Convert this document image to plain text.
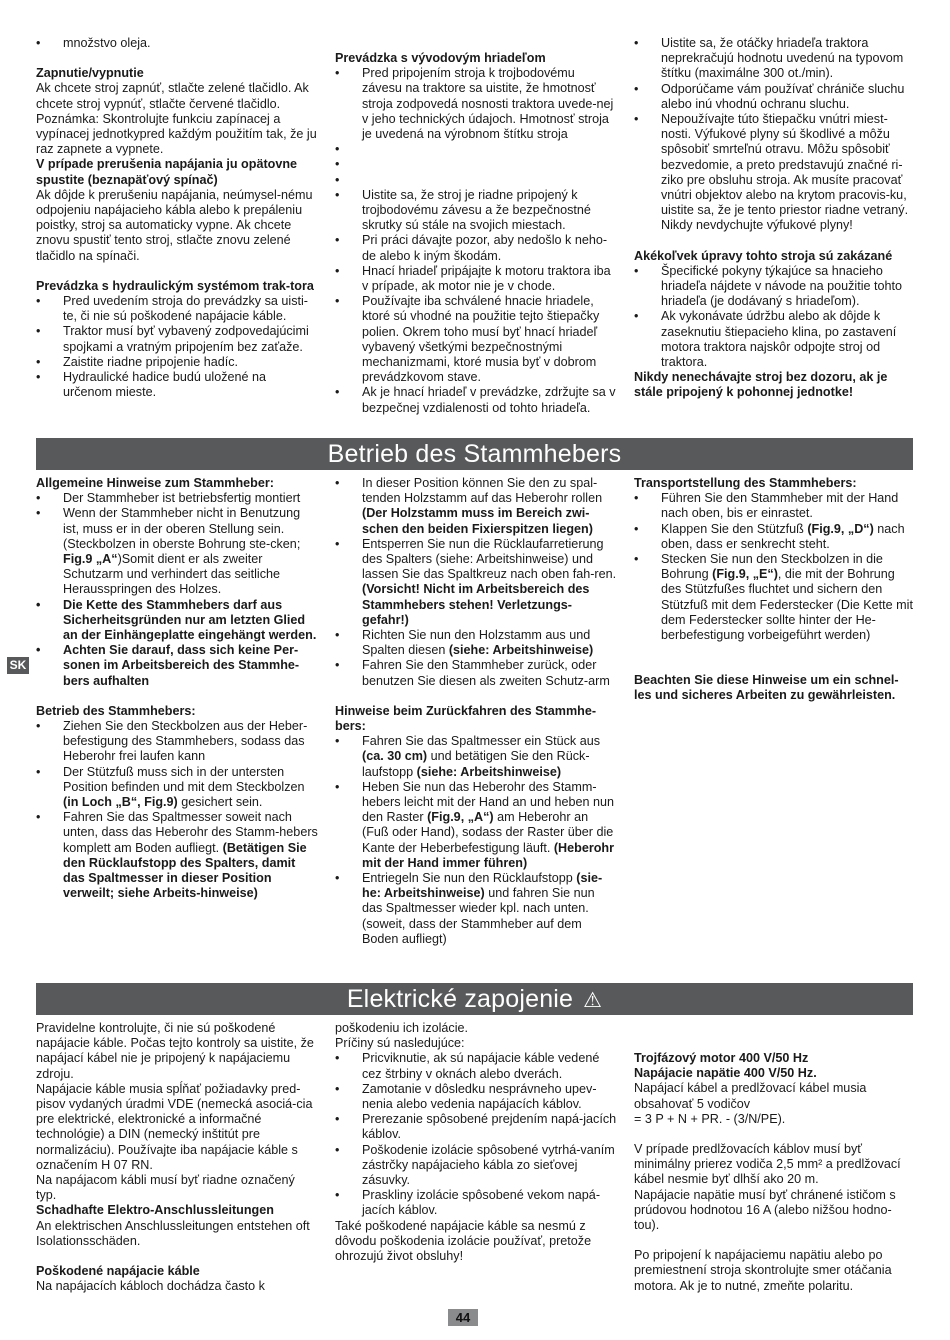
• množstvo oleja.

Zapnutie/vypnutie

Ak chcete stroj zapnúť, stlačte zelené tlačidlo. Ak chcete stroj vypnúť, stlačte červené tlačidlo. Poznámka: Skontrolujte funkciu zapínacej a vypínacej jednotkypred každým použitím tak, že ju raz zapnete a vypnete.

V prípade prerušenia napájania ju opätovne spustite (beznapäťový spínač)

Ak dôjde k prerušeniu napájania, neúmysel-nému odpojeniu napájacieho kábla alebo k prepáleniu poistky, stroj sa automaticky vypne. Ak chcete znovu spustiť tento stroj, stlačte znovu zelené tlačidlo na spínači.

Prevádzka s hydraulickým systémom trak-tora

• Pred uvedením stroja do prevádzky sa uisti-te, či nie sú poškodené napájacie káble.
• Traktor musí byť vybavený zodpovedajúcimi spojkami a vratným pripojením bez zaťaže.
• Zaistite riadne pripojenie hadíc.
• Hydraulické hadice budú uložené na určenom mieste.

Prevádzka s vývodovým hriadeľom

• Pred pripojením stroja k trojbodovému závesu na traktore sa uistite, že hmotnosť stroja zodpovedá nosnosti traktora uvede-nej v jeho technických údajoch. Hmotnosť stroja je uvedená na výrobnom štítku stroja
•
•
•
• Uistite sa, že stroj je riadne pripojený k trojbodovému závesu a že bezpečnostné skrutky sú stále na svojich miestach.
• Pri práci dávajte pozor, aby nedošlo k neho-de alebo k iným škodám.
• Hnací hriadeľ pripájajte k motoru traktora iba v prípade, ak motor nie je v chode.
• Používajte iba schválené hnacie hriadele, ktoré sú vhodné na použitie tejto štiepačky polien. Okrem toho musí byť hnací hriadeľ vybavený všetkými bezpečnostnými mechanizmami, ktoré musia byť v dobrom prevádzkovom stave.
• Ak je hnací hriadeľ v prevádzke, zdržujte sa v bezpečnej vzdialenosti od tohto hriadeľa.
• Uistite sa, že otáčky hriadeľa traktora neprekračujú hodnotu uvedenú na typovom štítku (maximálne 300 ot./min).
• Odporúčame vám používať chrániče sluchu alebo inú vhodnú ochranu sluchu.
• Nepoužívajte túto štiepačku vnútri miest-nosti. Výfukové plyny sú škodlivé a môžu spôsobiť smrteľnú otravu. Môžu spôsobiť bezvedomie, a preto predstavujú značné ri-ziko pre obsluhu stroja. Ak musíte pracovať vnútri objektov alebo na krytom pracovis-ku, uistite sa, že je tento priestor riadne vetraný. Nikdy nevdychujte výfukové plyny!

Akékoľvek úpravy tohto stroja sú zakázané

• Špecifické pokyny týkajúce sa hnacieho hriadeľa nájdete v návode na použitie tohto hriadeľa (je dodávaný s hriadeľom).
• Ak vykonávate údržbu alebo ak dôjde k zaseknutiu štiepacieho klina, po zastavení motora traktora najskôr odpojte stroj od traktora.

Nikdy nenechávajte stroj bez dozoru, ak je stále pripojený k pohonnej jednotke!

Betrieb des Stammhebers

Allgemeine Hinweise zum Stammheber:

• Der Stammheber ist betriebsfertig montiert
• Wenn der Stammheber nicht in Benutzung ist, muss er in der oberen Stellung sein. (Steckbolzen in oberste Bohrung ste-cken; Fig.9 „A“)Somit dient er als zweiter Schutzarm und verhindert das seitliche Herausspringen des Holzes.
• Die Kette des Stammhebers darf aus Sicherheitsgründen nur am letzten Glied an der Einhängeplatte eingehängt werden.
• Achten Sie darauf, dass sich keine Per-sonen im Arbeitsbereich des Stammhe-bers aufhalten

Betrieb des Stammhebers:

• Ziehen Sie den Steckbolzen aus der Heber-befestigung des Stammhebers, sodass das Heberohr frei laufen kann
• Der Stützfuß muss sich in der untersten Position befinden und mit dem Steckbolzen (in Loch „B“, Fig.9) gesichert sein.
• Fahren Sie das Spaltmesser soweit nach unten, dass das Heberohr des Stamm-hebers komplett am Boden aufliegt. (Betätigen Sie den Rücklaufstopp des Spalters, damit das Spaltmesser in dieser Position verweilt; siehe Arbeits-hinweise)
• In dieser Position können Sie den zu spal-tenden Holzstamm auf das Heberohr rollen (Der Holzstamm muss im Bereich zwi-schen den beiden Fixierspitzen liegen)
• Entsperren Sie nun die Rücklaufarretierung des Spalters (siehe: Arbeitshinweise) und lassen Sie das Spaltkreuz nach oben fah-ren. (Vorsicht! Nicht im Arbeitsbereich des Stammhebers stehen! Verletzungs-gefahr!)
• Richten Sie nun den Holzstamm aus und Spalten diesen (siehe: Arbeitshinweise)
• Fahren Sie den Stammheber zurück, oder benutzen Sie diesen als zweiten Schutz-arm

Hinweise beim Zurückfahren des Stammhe-bers:

• Fahren Sie das Spaltmesser ein Stück aus (ca. 30 cm) und betätigen Sie den Rück-laufstopp (siehe: Arbeitshinweise)
• Heben Sie nun das Heberohr des Stamm-hebers leicht mit der Hand an und heben nun den Raster (Fig.9, „A“) am Heberohr an (Fuß oder Hand), sodass der Raster über die Kante der Heberbefestigung läuft. (Heberohr mit der Hand immer führen)
• Entriegeln Sie nun den Rücklaufstopp (sie-he: Arbeitshinweise) und fahren Sie nun das Spaltmesser wieder kpl. nach unten. (soweit, dass der Stammheber auf dem Boden aufliegt)

Transportstellung des Stammhebers:

• Führen Sie den Stammheber mit der Hand nach oben, bis er einrastet.
• Klappen Sie den Stützfuß (Fig.9, „D“) nach oben, dass er senkrecht steht.
• Stecken Sie nun den Steckbolzen in die Bohrung (Fig.9, „E“), die mit der Bohrung des Stützfußes fluchtet und sichern den Stützfuß mit dem Federstecker (Die Kette mit dem Federstecker sollte hinter der He-berbefestigung vorbeigeführt werden)

Beachten Sie diese Hinweise um ein schnel-les und sicheres Arbeiten zu gewährleisten.

Elektrické zapojenie ⚠

Pravidelne kontrolujte, či nie sú poškodené napájacie káble. Počas tejto kontroly sa uistite, že napájací kábel nie je pripojený k napájaciemu zdroju.

Napájacie káble musia spĺňať požiadavky pred-pisov vydaných úradmi VDE (nemecká asociá-cia pre elektrické, elektronické a informačné technológie) a DIN (nemecký inštitút pre normalizáciu). Používajte iba napájacie káble s označením H 07 RN.

Na napájacom kábli musí byť riadne označený typ.

Schadhafte Elektro-Anschlussleitungen

An elektrischen Anschlussleitungen entstehen oft Isolationsschäden.

Poškodené napájacie káble

Na napájacích kábloch dochádza často k

poškodeniu ich izolácie.

Príčiny sú nasledujúce:

• Pricviknutie, ak sú napájacie káble vedené cez štrbiny v oknách alebo dverách.
• Zamotanie v dôsledku nesprávneho upev-nenia alebo vedenia napájacích káblov.
• Prerezanie spôsobené prejdením napá-jacích káblov.
• Poškodenie izolácie spôsobené vytrhá-vaním zástrčky napájacieho kábla zo sieťovej zásuvky.
• Praskliny izolácie spôsobené vekom napá-jacích káblov.

Také poškodené napájacie káble sa nesmú z dôvodu poškodenia izolácie používať, pretože ohrozujú život obsluhy!

Trojfázový motor 400 V/50 Hz

Napájacie napätie 400 V/50 Hz.

Napájací kábel a predlžovací kábel musia obsahovať 5 vodičov

= 3 P + N + PR. - (3/N/PE).

V prípade predlžovacích káblov musí byť minimálny prierez vodiča 2,5 mm² a predlžovací kábel nesmie byť dlhší ako 20 m.

Napájacie napätie musí byť chránené ističom s prúdovou hodnotou 16 A (alebo nižšou hodno-tou).

Po pripojení k napájaciemu napätiu alebo po premiestnení stroja skontrolujte smer otáčania motora. Ak je to nutné, zmeňte polaritu.

SK
44
